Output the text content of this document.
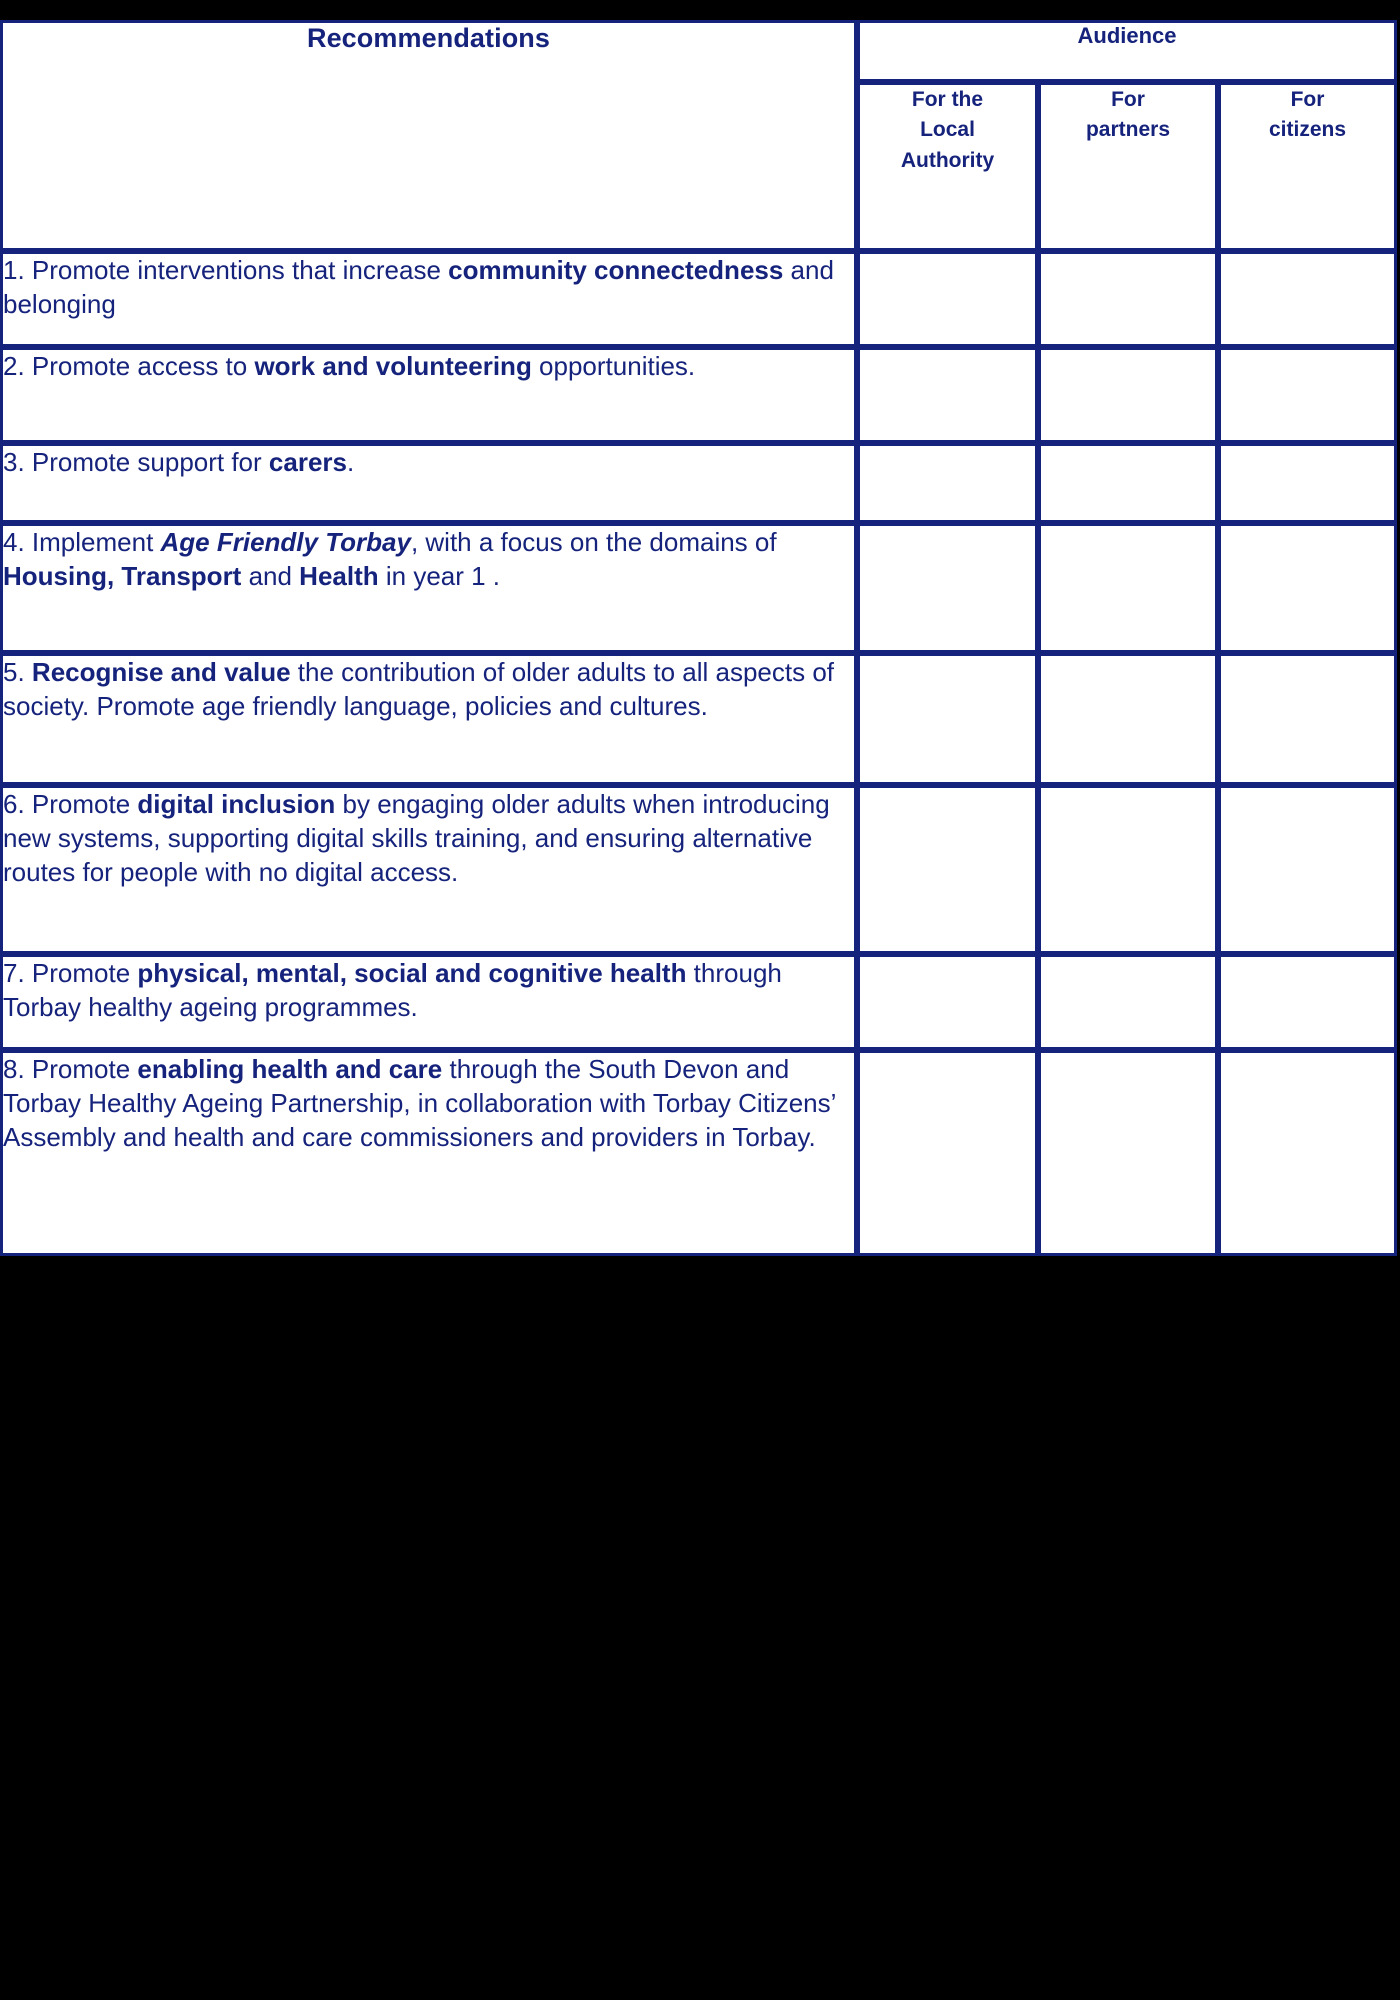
Recommendations	Audience		

For the
Local
Authority

For
partners

For
citizens

1. Promote interventions that increase community connectedness and belonging			
2. Promote access to work and volunteering opportunities.			
3. Promote support for carers.			
4. Implement Age Friendly Torbay, with a focus on the domains of Housing, Transport and Health in year 1 .			
5. Recognise and value the contribution of older adults to all aspects of society. Promote age friendly language, policies and cultures.			
6. Promote digital inclusion by engaging older adults when introducing new systems, supporting digital skills training, and ensuring alternative routes for people with no digital access.			
7. Promote physical, mental, social and cognitive health through Torbay healthy ageing programmes.			
8. Promote enabling health and care through the South Devon and Torbay Healthy Ageing Partnership, in collaboration with Torbay Citizens’ Assembly and health and care commissioners and providers in Torbay.			
